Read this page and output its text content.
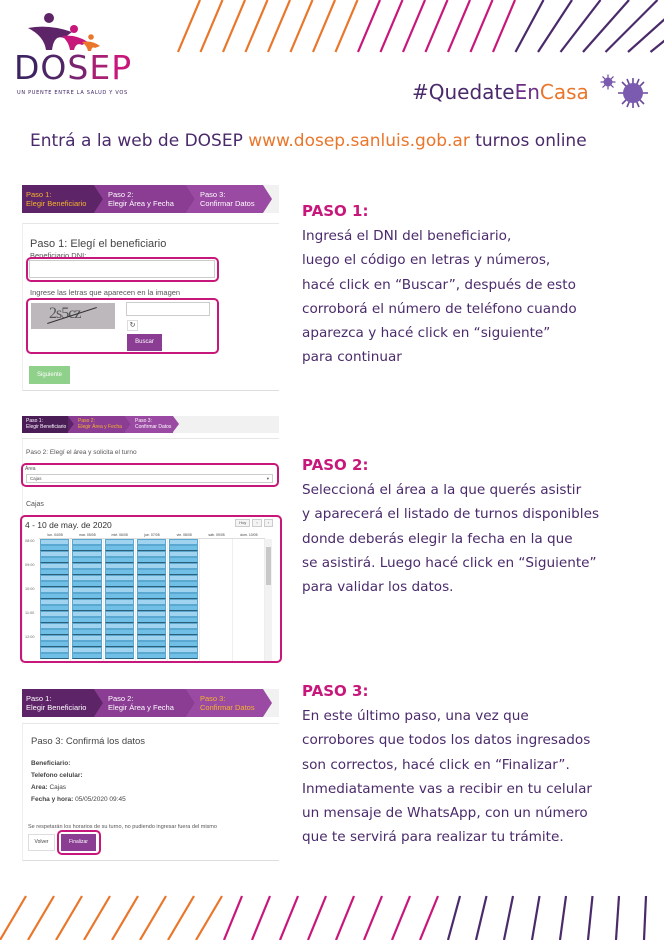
DOSEP
UN PUENTE ENTRE LA SALUD Y VOS	#QuedateEnCasa
Entrá a la web de DOSEP www.dosep.sanluis.gob.ar turnos online
Paso 1:
Elegir Beneficiario
Paso 2:
Elegir Área y Fecha
Paso 3:
Confirmar Datos
Paso 1: Elegí el beneficiario
Beneficiario DNI:
Ingrese las letras que aparecen en la imagen
2s5cz
↻
Buscar
Siguiente
PASO 1:
Ingresá el DNI del beneficiario,
luego el código en letras y números,
hacé click en “Buscar”, después de esto
corroborá el número de teléfono cuando
aparezca y hacé click en “siguiente”
para continuar
Paso 1:
Elegir Beneficiario
Paso 2:
Elegir Área y Fecha
Paso 3:
Confirmar Datos
Paso 2: Elegí el área y solicita el turno
Área
Cajas	▾
Cajas
4 - 10 de may. de 2020	Hoy	‹	›
lun. 04/05	mar. 05/05	mié. 06/05	jue. 07/05	vie. 08/05	sáb. 09/05	dom. 10/05
08:00
09:00
10:00
11:00
12:00
PASO 2:
Seleccioná el área a la que querés asistir
y aparecerá el listado de turnos disponibles
donde deberás elegir la fecha en la que
se asistirá. Luego hacé click en “Siguiente”
para validar los datos.
Paso 1:
Elegir Beneficiario
Paso 2:
Elegir Área y Fecha
Paso 3:
Confirmar Datos
Paso 3: Confirmá los datos
Beneficiario:
Telefono celular:
Area: Cajas
Fecha y hora: 05/05/2020 09:45
Se respetarán los horarios de su turno, no pudiendo ingresar fuera del mismo
Volver	Finalizar
PASO 3:
En este último paso, una vez que
corrobores que todos los datos ingresados
son correctos, hacé click en “Finalizar”.
Inmediatamente vas a recibir en tu celular
un mensaje de WhatsApp, con un número
que te servirá para realizar tu trámite.
